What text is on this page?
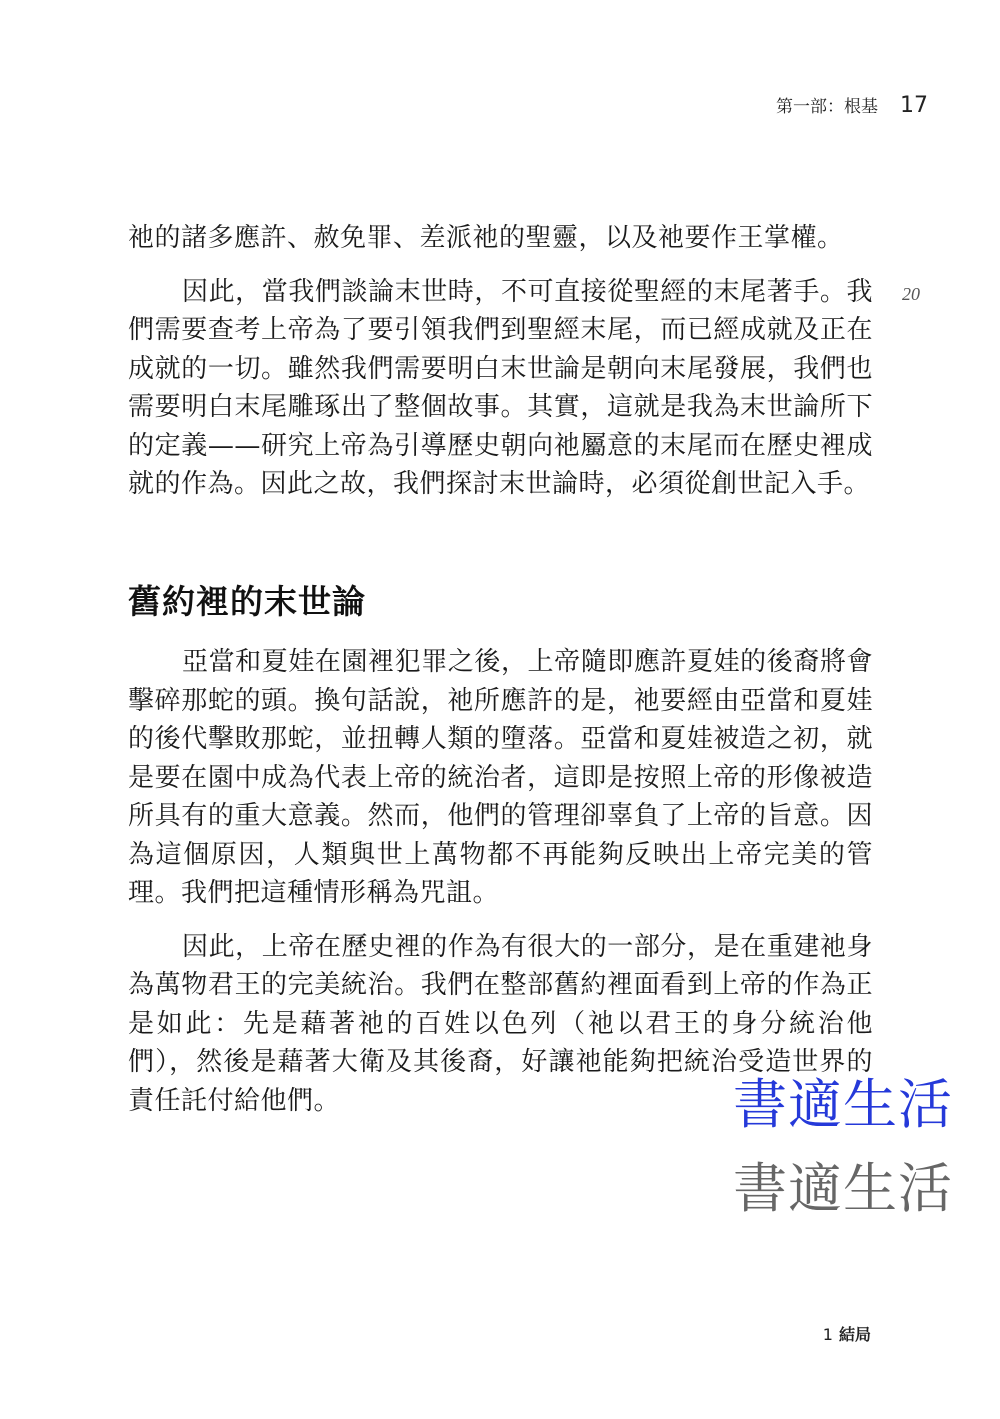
第一部：根基 17

祂的諸多應許、赦免罪、差派祂的聖靈，以及祂要作王掌權。

因此，當我們談論末世時，不可直接從聖經的末尾著手。我們需要查考上帝為了要引領我們到聖經末尾，而已經成就及正在成就的一切。雖然我們需要明白末世論是朝向末尾發展，我們也需要明白末尾雕琢出了整個故事。其實，這就是我為末世論所下的定義——研究上帝為引導歷史朝向祂屬意的末尾而在歷史裡成就的作為。因此之故，我們探討末世論時，必須從創世記入手。

20
舊約裡的末世論

亞當和夏娃在園裡犯罪之後，上帝隨即應許夏娃的後裔將會擊碎那蛇的頭。換句話說，祂所應許的是，祂要經由亞當和夏娃的後代擊敗那蛇，並扭轉人類的墮落。亞當和夏娃被造之初，就是要在園中成為代表上帝的統治者，這即是按照上帝的形像被造所具有的重大意義。然而，他們的管理卻辜負了上帝的旨意。因為這個原因，人類與世上萬物都不再能夠反映出上帝完美的管理。我們把這種情形稱為咒詛。

因此，上帝在歷史裡的作為有很大的一部分，是在重建祂身為萬物君王的完美統治。我們在整部舊約裡面看到上帝的作為正是如此：先是藉著祂的百姓以色列（祂以君王的身分統治他們），然後是藉著大衛及其後裔，好讓祂能夠把統治受造世界的責任託付給他們。	書適生活
書適生活
1 結局
